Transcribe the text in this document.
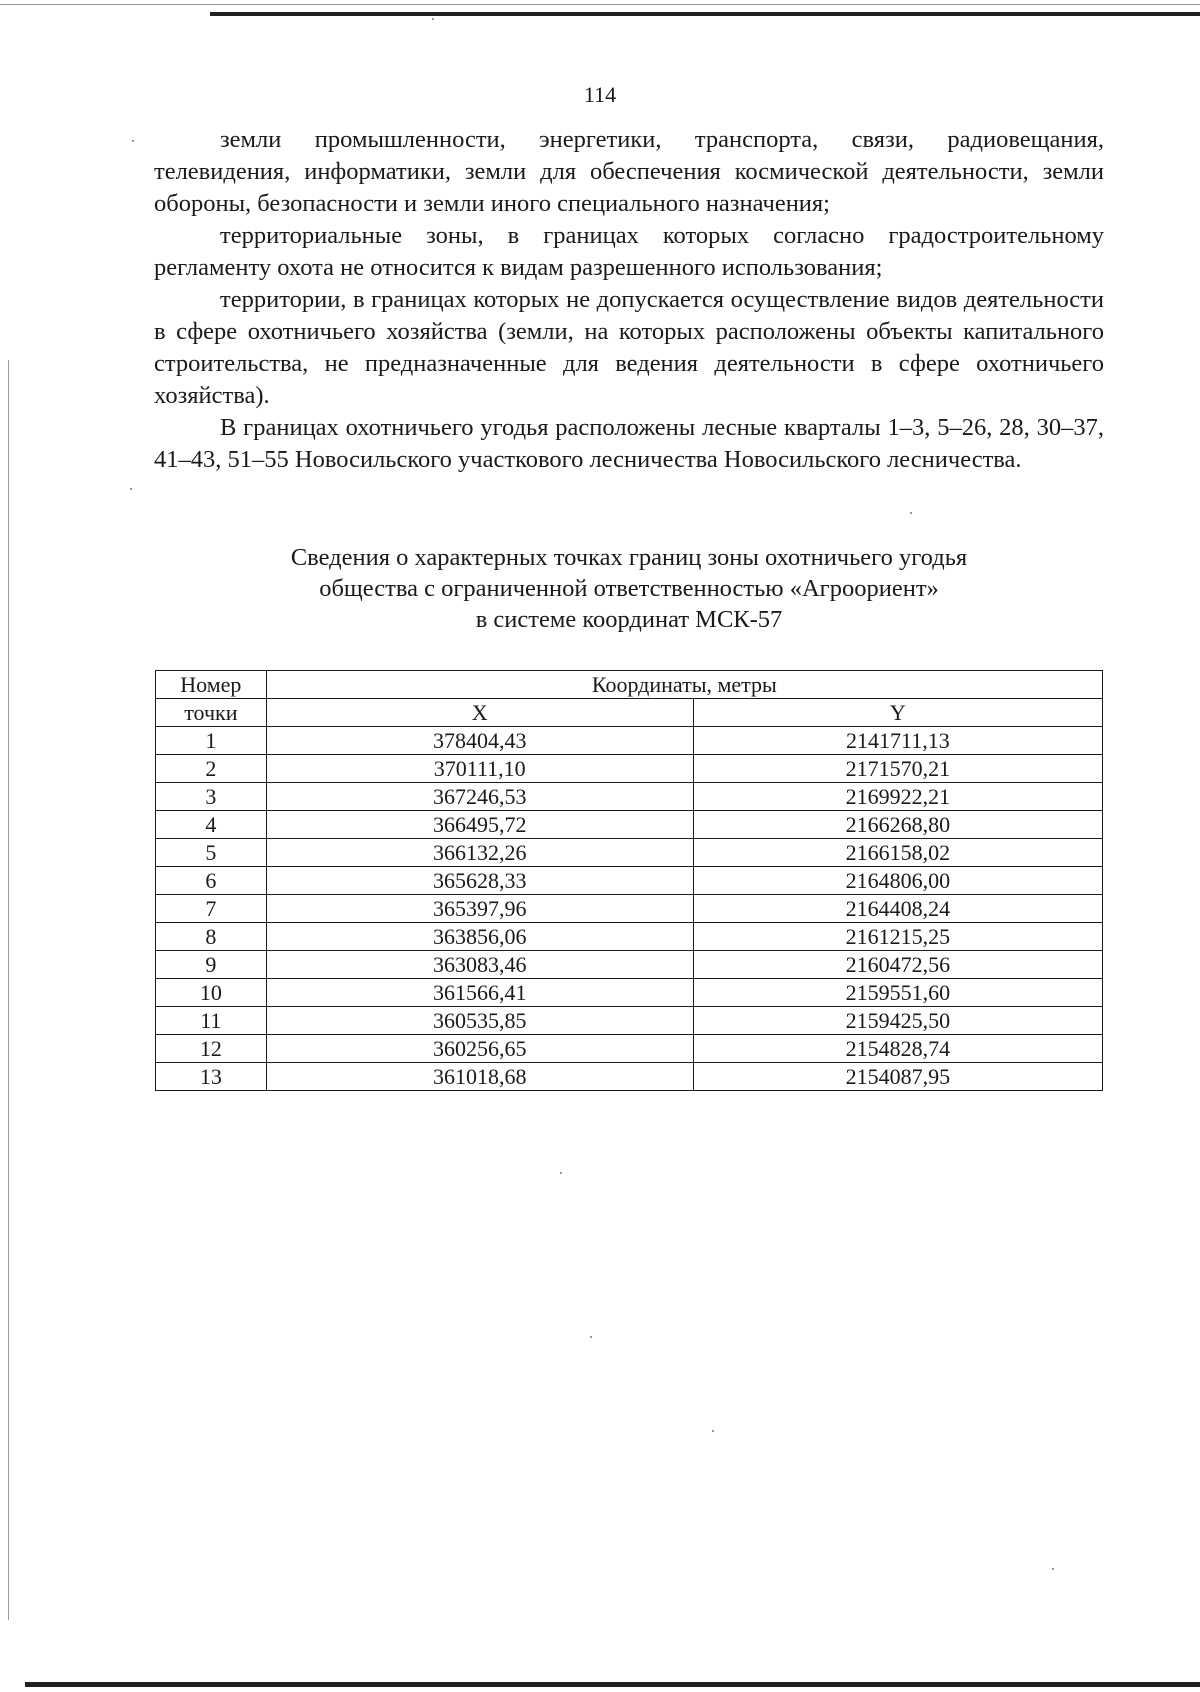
114

земли промышленности, энергетики, транспорта, связи, радиовещания, телевидения, информатики, земли для обеспечения космической деятельности, земли обороны, безопасности и земли иного специального назначения;

территориальные зоны, в границах которых согласно градостроительному регламенту охота не относится к видам разрешенного использования;

территории, в границах которых не допускается осуществление видов деятельности в сфере охотничьего хозяйства (земли, на которых расположены объекты капитального строительства, не предназначенные для ведения деятельности в сфере охотничьего хозяйства).

В границах охотничьего угодья расположены лесные кварталы 1–3, 5–26, 28, 30–37, 41–43, 51–55 Новосильского участкового лесничества Новосильского лесничества.

Сведения о характерных точках границ зоны охотничьего угодья
общества с ограниченной ответственностью «Агроориент»
в системе координат МСК-57
Номер	Координаты, метры	
точки	X	Y
1	378404,43	2141711,13
2	370111,10	2171570,21
3	367246,53	2169922,21
4	366495,72	2166268,80
5	366132,26	2166158,02
6	365628,33	2164806,00
7	365397,96	2164408,24
8	363856,06	2161215,25
9	363083,46	2160472,56
10	361566,41	2159551,60
11	360535,85	2159425,50
12	360256,65	2154828,74
13	361018,68	2154087,95
